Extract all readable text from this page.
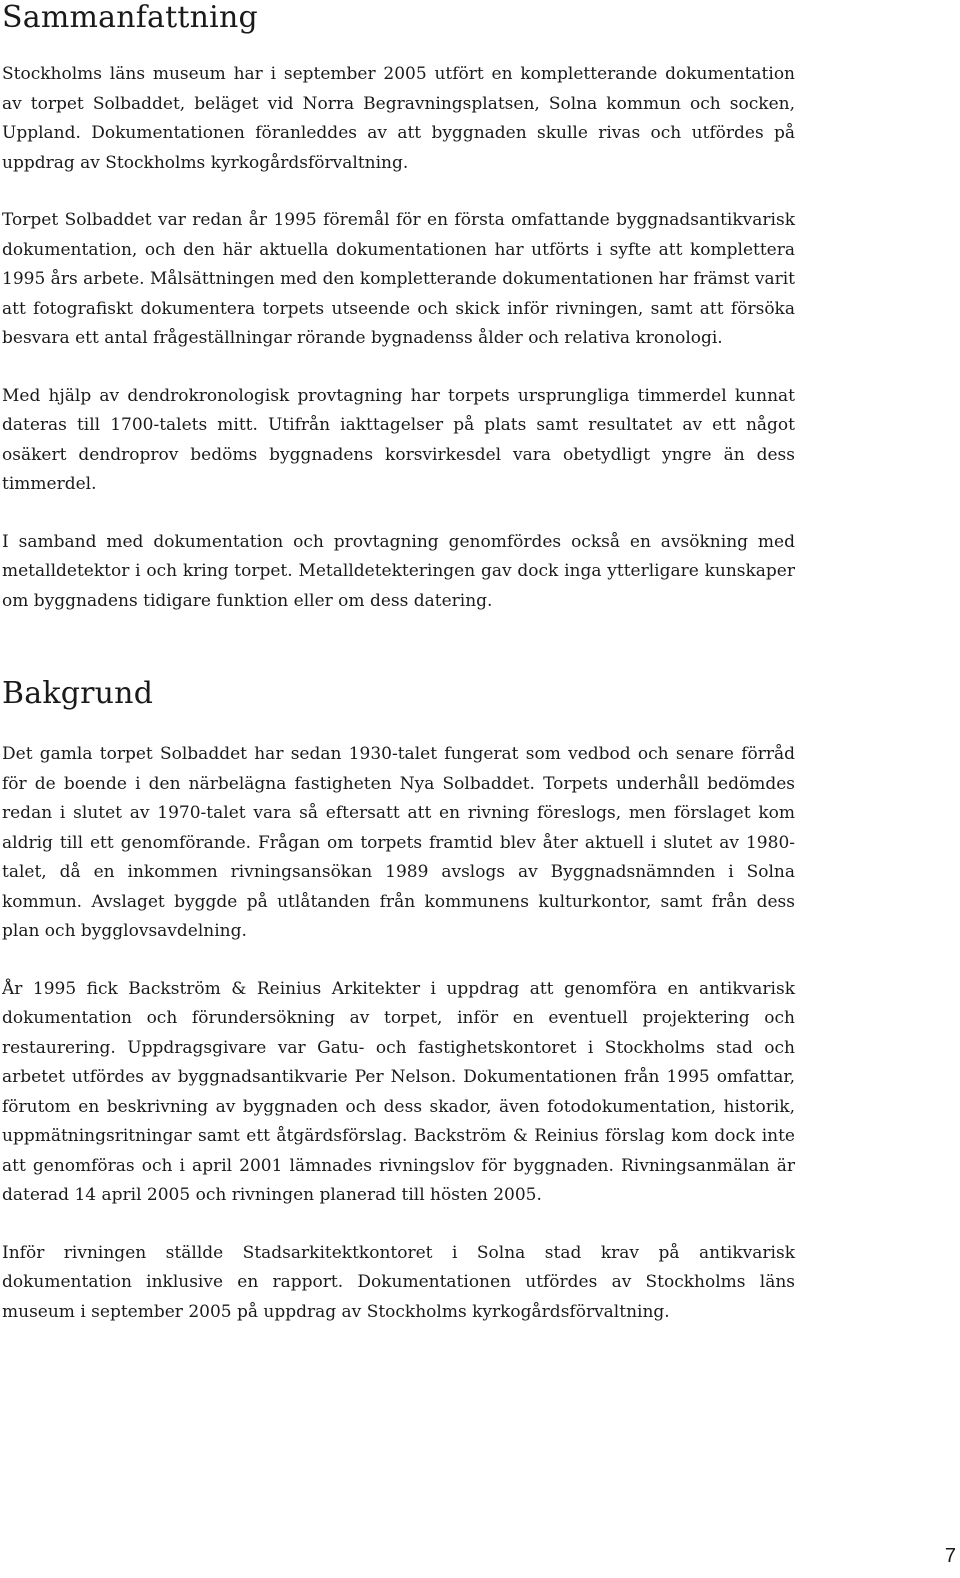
Sammanfattning

Stockholms läns museum har i september 2005 utfört en kompletterande dokumentation av torpet Solbaddet, beläget vid Norra Begravningsplatsen, Solna kommun och socken, Uppland. Dokumentationen föranleddes av att byggnaden skulle rivas och utfördes på uppdrag av Stockholms kyrkogårdsförvaltning.

Torpet Solbaddet var redan år 1995 föremål för en första omfattande byggnadsantikvarisk dokumentation, och den här aktuella dokumentationen har utförts i syfte att komplettera 1995 års arbete. Målsättningen med den kompletterande dokumentationen har främst varit att fotografiskt dokumentera torpets utseende och skick inför rivningen, samt att försöka besvara ett antal frågeställningar rörande bygnadenss ålder och relativa kronologi.

Med hjälp av dendrokronologisk provtagning har torpets ursprungliga timmerdel kunnat dateras till 1700-talets mitt. Utifrån iakttagelser på plats samt resultatet av ett något osäkert dendroprov bedöms byggnadens korsvirkesdel vara obetydligt yngre än dess timmerdel.

I samband med dokumentation och provtagning genomfördes också en avsökning med metalldetektor i och kring torpet. Metalldetekteringen gav dock inga ytterligare kunskaper om byggnadens tidigare funktion eller om dess datering.

Bakgrund

Det gamla torpet Solbaddet har sedan 1930-talet fungerat som vedbod och senare förråd för de boende i den närbelägna fastigheten Nya Solbaddet. Torpets underhåll bedömdes redan i slutet av 1970-talet vara så eftersatt att en rivning föreslogs, men förslaget kom aldrig till ett genomförande. Frågan om torpets framtid blev åter aktuell i slutet av 1980-talet, då en inkommen rivningsansökan 1989 avslogs av Byggnadsnämnden i Solna kommun. Avslaget byggde på utlåtanden från kommunens kulturkontor, samt från dess plan och bygglovsavdelning.

År 1995 fick Backström & Reinius Arkitekter i uppdrag att genomföra en antikvarisk dokumentation och förundersökning av torpet, inför en eventuell projektering och restaurering. Uppdragsgivare var Gatu- och fastighetskontoret i Stockholms stad och arbetet utfördes av byggnadsantikvarie Per Nelson. Dokumentationen från 1995 omfattar, förutom en beskrivning av byggnaden och dess skador, även fotodokumentation, historik, uppmätningsritningar samt ett åtgärdsförslag. Backström & Reinius förslag kom dock inte att genomföras och i april 2001 lämnades rivningslov för byggnaden. Rivningsanmälan är daterad 14 april 2005 och rivningen planerad till hösten 2005.

Inför rivningen ställde Stadsarkitektkontoret i Solna stad krav på antikvarisk dokumentation inklusive en rapport. Dokumentationen utfördes av Stockholms läns museum i september 2005 på uppdrag av Stockholms kyrkogårdsförvaltning.

7
